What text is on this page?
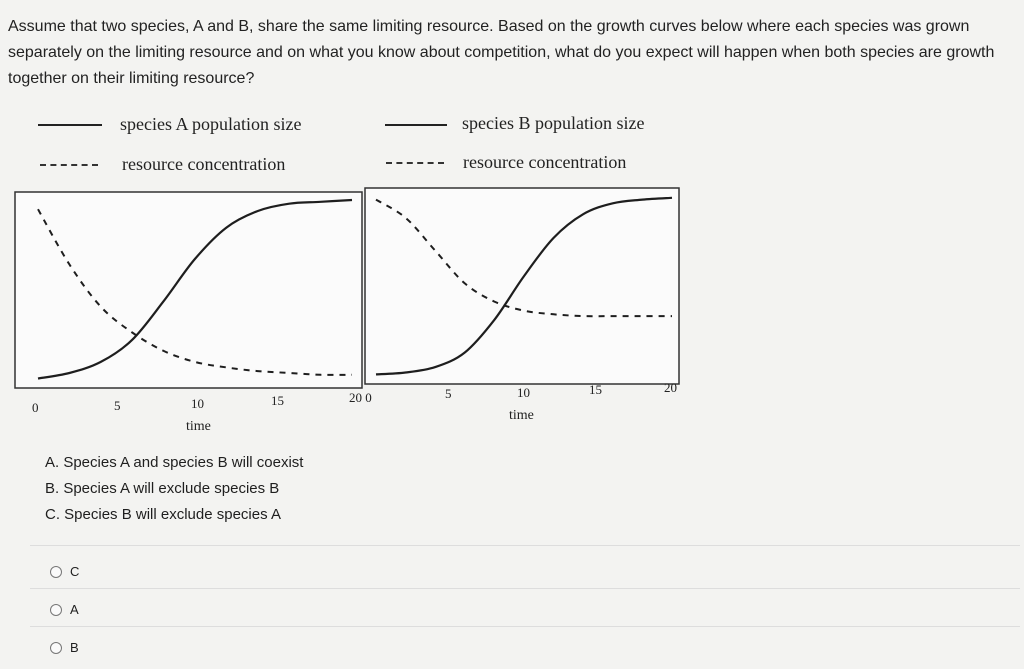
Assume that two species, A and B, share the same limiting resource. Based on the growth curves below where each species was grown separately on the limiting resource and on what you know about competition, what do you expect will happen when both species are growth together on their limiting resource?
species A population size
resource concentration
species B population size
resource concentration
0	5	10	15	20 0
time
5	10	15	20
time
A. Species A and species B will coexist
B. Species A will exclude species B
C. Species B will exclude species A
C
A
B
